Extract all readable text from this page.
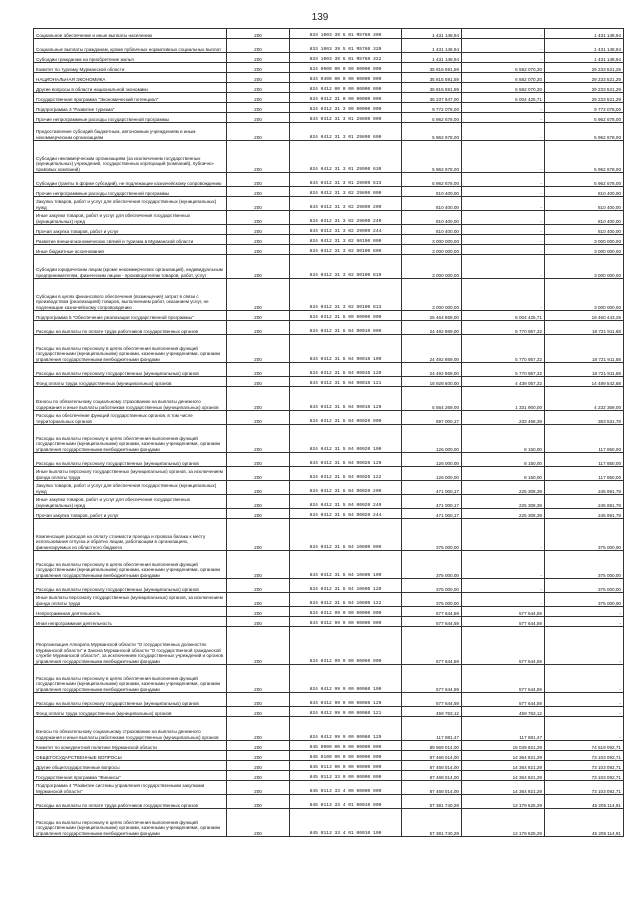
139
Социальное обеспечение и иные выплаты населению	200	833 1003 39 5 01 R5760 300	1 431 148,94	-	1 431 148,94
Социальные выплаты гражданам, кроме публичных нормативных социальных выплат	200	833 1003 39 5 01 R5760 320	1 431 148,94	-	1 431 148,94
Субсидии гражданам на приобретение жилья	200	833 1003 39 5 01 R5760 322	1 431 148,94	-	1 431 148,94
Комитет по туризму Мурманской области	200	834 0000 00 0 00 00000 000	35 815 591,59	6 582 070,30	29 233 521,29
НАЦИОНАЛЬНАЯ ЭКОНОМИКА	200	834 0400 00 0 00 00000 000	35 815 591,59	6 582 070,30	29 233 521,29
Другие вопросы в области национальной экономики	200	834 0412 00 0 00 00000 000	35 815 591,59	6 582 070,30	29 233 521,29
Государственная программа "Экономический потенциал"	200	834 0412 31 0 00 00000 000	35 237 947,00	6 004 425,71	29 233 521,29
Подпрограмма 3 "Развитие туризма"	200	834 0412 31 3 00 00000 000	9 772 078,00	-	9 772 078,00
Прочие непрограммные расходы государственной программы	200	834 0412 31 3 01 29890 000	5 962 678,00	-	5 962 678,00
Предоставление субсидий бюджетным, автономным учреждениям и иным некоммерческим организациям	200	834 0412 31 3 01 29890 600	5 962 678,00	-	5 962 678,00
Субсидии некоммерческим организациям (за исключением государственных (муниципальных) учреждений, государственных корпораций (компаний), публично-правовых компаний)	200	834 0412 31 3 01 29990 630	5 962 678,00	-	5 962 678,00
Субсидии (гранты в форме субсидий), не подлежащие казначейскому сопровождению	200	834 0412 31 3 01 29990 633	5 962 678,00	-	5 962 678,00
Прочие непрограммные расходы государственной программы	200	834 0412 31 3 02 29890 000	810 400,00	-	810 400,00
Закупка товаров, работ и услуг для обеспечения государственных (муниципальных) нужд	200	834 0412 31 3 02 29890 200	810 400,00	-	810 400,00
Иные закупки товаров, работ и услуг для обеспечения государственных (муниципальных) нужд	200	834 0412 31 3 02 29890 240	810 400,00	-	810 400,00
Прочая закупка товаров, работ и услуг	200	834 0412 31 3 02 29990 244	810 400,00	-	810 400,00
Развитие внешнеэкономических связей и туризма в Мурманской области	200	834 0412 31 3 02 60100 000	3 000 000,00	-	3 000 000,00
Иные бюджетные ассигнования	200	834 0412 31 3 02 60100 800	3 000 000,00	-	3 000 000,00
Субсидии юридическим лицам (кроме некоммерческих организаций), индивидуальным предпринимателям, физическим лицам - производителям товаров, работ, услуг	200	834 0412 31 3 02 60100 810	3 000 000,00	-	3 000 000,00
Субсидии в целях финансового обеспечения (возмещения) затрат в связи с производством (реализацией) товаров, выполнением работ, оказанием услуг, не подлежащие казначейскому сопровождению	200	834 0412 31 3 02 60100 813	3 000 000,00	-	3 000 000,00
Подпрограмма 5 "Обеспечение реализации государственной программы"	200	834 0412 31 5 00 00000 000	25 464 869,00	6 004 425,71	19 460 443,29
Расходы на выплаты по оплате труда работников государственных органов	200	834 0412 31 5 04 00010 000	24 492 869,00	5 770 957,32	18 721 911,68
Расходы на выплаты персоналу в целях обеспечения выполнения функций государственными (муниципальными) органами, казенными учреждениями, органами управления государственными внебюджетными фондами	200	834 0412 31 5 04 00010 100	24 492 869,00	5 770 957,32	18 721 911,68
Расходы на выплаты персоналу государственных (муниципальных) органов	200	834 0412 31 5 04 00010 120	24 492 869,00	5 770 957,32	18 721 911,68
Фонд оплаты труда государственных (муниципальных) органов	200	834 0412 31 5 04 00010 121	18 928 600,00	4 439 057,32	14 489 542,68
Взносы по обязательному социальному страхованию на выплаты денежного содержания и иные выплаты работникам государственных (муниципальных) органов	200	834 0412 31 5 04 00010 129	5 564 269,00	1 331 900,00	4 232 369,00
Расходы на обеспечение функций государственных органов, в том числе территориальных органов	200	834 0412 31 5 04 00020 000	597 000,17	233 468,39	363 531,78
Расходы на выплаты персоналу в целях обеспечения выполнения функций государственными (муниципальными) органами, казенными учреждениями, органами управления государственными внебюджетными фондами	200	834 0412 31 5 04 00020 100	126 000,00	8 150,00	117 850,00
Расходы на выплаты персоналу государственных (муниципальных) органов	200	834 0412 31 5 04 00020 120	126 000,00	8 150,00	117 850,00
Иные выплаты персоналу государственных (муниципальных) органов, за исключением фонда оплаты труда	200	834 0412 31 5 04 00020 122	126 000,00	8 150,00	117 850,00
Закупка товаров, работ и услуг для обеспечения государственных (муниципальных) нужд	200	834 0412 31 5 04 00020 200	471 000,17	225 308,39	245 691,78
Иные закупки товаров, работ и услуг для обеспечения государственных (муниципальных) нужд	200	834 0412 31 5 04 00020 240	471 000,17	225 308,39	245 691,78
Прочая закупка товаров, работ и услуг	200	834 0412 31 5 04 00020 244	471 000,17	225 308,39	245 691,78
Компенсация расходов на оплату стоимости проезда и провоза багажа к месту использования отпуска и обратно лицам, работающим в организациях, финансируемых из областного бюджета	200	834 0412 31 5 04 10600 000	375 000,00	-	375 000,00
Расходы на выплаты персоналу в целях обеспечения выполнения функций государственными (муниципальными) органами, казенными учреждениями, органами управления государственными внебюджетными фондами	200	834 0412 31 5 04 10600 100	375 000,00	-	375 000,00
Расходы на выплаты персоналу государственных (муниципальных) органов	200	834 0412 31 5 04 10600 120	375 000,00	-	375 000,00
Иные выплаты персоналу государственных (муниципальных) органов, за исключением фонда оплаты труда	200	834 0412 31 5 04 10600 122	375 000,00	-	375 000,00
Непрограммная деятельность	200	834 0412 99 0 00 00000 000	577 644,59	577 644,59	-
Иная непрограммная деятельность	200	834 0412 99 9 00 00000 000	577 644,59	577 644,59	-
Реорганизация Аппарата Мурманской области "О государственных должностях Мурманской области" и Закона Мурманской области "О государственной гражданской службе Мурманской области", за исключением государственных учреждений и органов управления государственными внебюджетными фондами	200	834 0412 99 9 00 00060 000	577 644,59	577 644,59	-
Расходы на выплаты персоналу в целях обеспечения выполнения функций государственными (муниципальными) органами, казенными учреждениями, органами управления государственными внебюджетными фондами	200	834 0412 99 9 00 00060 100	577 644,59	577 644,59	-
Расходы на выплаты персоналу государственных (муниципальных) органов	200	834 0412 99 9 00 00060 120	577 644,59	577 644,59	-
Фонд оплаты труда государственных (муниципальных) органов	200	834 0412 99 9 00 00060 121	459 763,12	459 763,12	-
Взносы по обязательному социальному страхованию на выплаты денежного содержания и иные выплаты работникам государственных (муниципальных) органов	200	834 0412 99 9 00 00060 129	117 881,47	117 881,47	-
Комитет по конкурентной политике Мурманской области	200	845 0000 00 0 00 00000 000	89 569 014,00	15 049 921,29	74 519 092,71
ОБЩЕГОСУДАРСТВЕННЫЕ ВОПРОСЫ	200	845 0100 00 0 00 00000 000	87 468 014,00	14 364 921,29	73 103 092,71
Другие общегосударственные вопросы	200	845 0113 00 0 00 00000 000	87 468 014,00	14 364 921,29	73 103 092,71
Государственная программа "Финансы"	200	845 0113 33 0 00 00000 000	87 468 014,00	14 364 921,29	73 103 092,71
Подпрограмма 4 "Развитие системы управления государственными закупками Мурманской области"	200	845 0113 33 4 00 00000 000	87 468 014,00	14 364 921,29	73 103 092,71
Расходы на выплаты по оплате труда работников государственных органов	200	845 0113 33 4 01 00010 000	57 381 740,29	12 179 625,29	45 205 114,91
Расходы на выплаты персоналу в целях обеспечения выполнения функций государственными (муниципальными) органами, казенными учреждениями, органами управления государственными внебюджетными фондами	200	845 0113 33 4 01 00010 100	57 381 740,29	12 179 625,29	45 205 114,91
